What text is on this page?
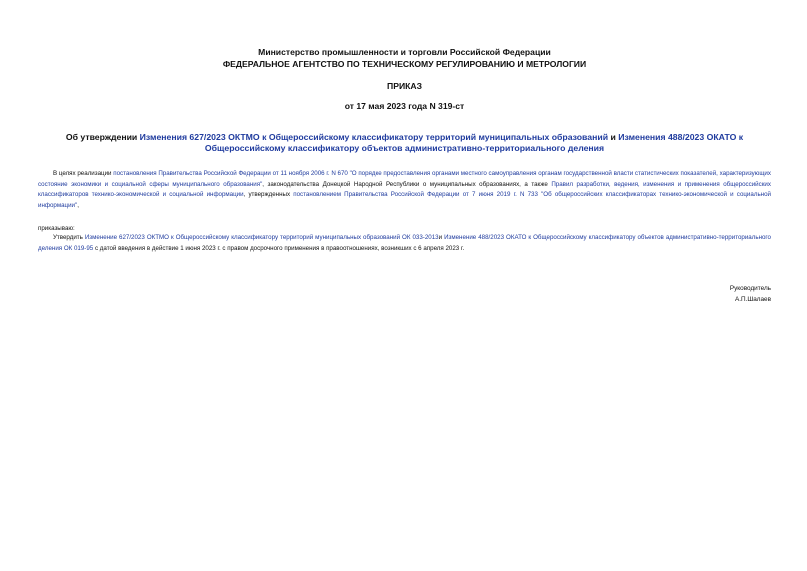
Министерство промышленности и торговли Российской Федерации
ФЕДЕРАЛЬНОЕ АГЕНТСТВО ПО ТЕХНИЧЕСКОМУ РЕГУЛИРОВАНИЮ И МЕТРОЛОГИИ
ПРИКАЗ
от 17 мая 2023 года N 319-ст
Об утверждении Изменения 627/2023 ОКТМО к Общероссийскому классификатору территорий муниципальных образований и Изменения 488/2023 ОКАТО к Общероссийскому классификатору объектов административно-территориального деления
В целях реализации постановления Правительства Российской Федерации от 11 ноября 2006 г. N 670 "О порядке предоставления органами местного самоуправления органам государственной власти статистических показателей, характеризующих состояние экономики и социальной сферы муниципального образования", законодательства Донецкой Народной Республики о муниципальных образованиях, а также Правил разработки, ведения, изменения и применения общероссийских классификаторов технико-экономической и социальной информации, утвержденных постановлением Правительства Российской Федерации от 7 июня 2019 г. N 733 "Об общероссийских классификаторах технико-экономической и социальной информации",
приказываю:
Утвердить Изменение 627/2023 ОКТМО к Общероссийскому классификатору территорий муниципальных образований ОК 033-2013и Изменение 488/2023 ОКАТО к Общероссийскому классификатору объектов административно-территориального деления ОК 019-95 с датой введения в действие 1 июня 2023 г. с правом досрочного применения в правоотношениях, возникших с 6 апреля 2023 г.
Руководитель
А.П.Шалаев
